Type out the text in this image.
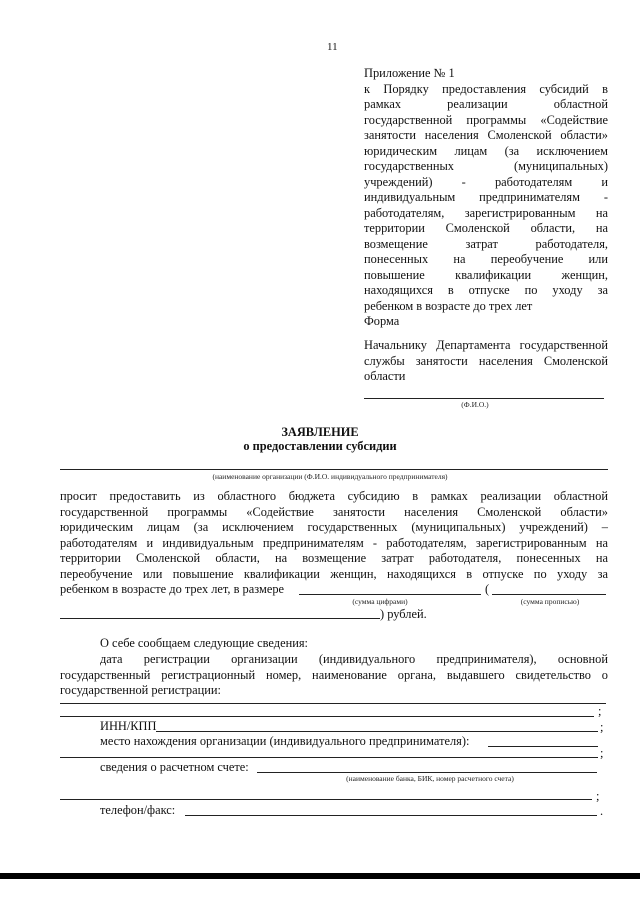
11
Приложение № 1
к Порядку предоставления субсидий в
рамках реализации областной
государственной программы «Содействие
занятости населения Смоленской области»
юридическим лицам (за исключением
государственных (муниципальных)
учреждений) - работодателям и
индивидуальным предпринимателям -
работодателям, зарегистрированным на
территории Смоленской области, на
возмещение затрат работодателя,
понесенных на переобучение или
повышение квалификации женщин,
находящихся в отпуске по уходу за
ребенком в возрасте до трех лет
Форма
Начальнику Департамента государственной
службы занятости населения Смоленской
области
(Ф.И.О.)
ЗАЯВЛЕНИЕ
о предоставлении субсидии
(наименование организации (Ф.И.О. индивидуального предпринимателя)
просит предоставить из областного бюджета субсидию в рамках реализации областной
государственной программы «Содействие занятости населения Смоленской области»
юридическим лицам (за исключением государственных (муниципальных) учреждений) –
работодателям и индивидуальным предпринимателям - работодателям, зарегистрированным на
территории Смоленской области, на возмещение затрат работодателя, понесенных на
переобучение или повышение квалификации женщин, находящихся в отпуске по уходу за
ребенком в возрасте до трех лет, в размере	(
(сумма цифрами)	(сумма прописью)
) рублей.
О себе сообщаем следующие сведения:
дата регистрации организации (индивидуального предпринимателя), основной
государственный регистрационный номер, наименование органа, выдавшего свидетельство о
государственной регистрации:
;
ИНН/КПП	;
место нахождения организации (индивидуального предпринимателя):
;
сведения о расчетном счете:
(наименование банка, БИК, номер расчетного счета)
;
телефон/факс:	.
